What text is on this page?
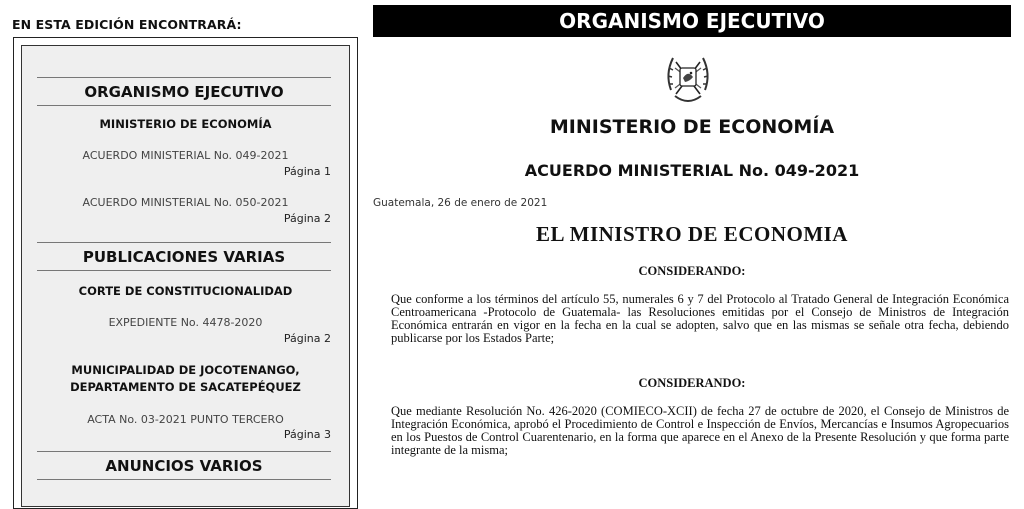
EN ESTA EDICIÓN ENCONTRARÁ:
ORGANISMO EJECUTIVO
MINISTERIO DE ECONOMÍA
ACUERDO MINISTERIAL No. 049-2021
Página 1
ACUERDO MINISTERIAL No. 050-2021
Página 2
PUBLICACIONES VARIAS
CORTE DE CONSTITUCIONALIDAD
EXPEDIENTE No. 4478-2020
Página 2
MUNICIPALIDAD DE JOCOTENANGO,
DEPARTAMENTO DE SACATEPÉQUEZ
ACTA No. 03-2021 PUNTO TERCERO
Página 3
ANUNCIOS VARIOS
ORGANISMO EJECUTIVO
MINISTERIO DE ECONOMÍA
ACUERDO MINISTERIAL No. 049-2021
Guatemala, 26 de enero de 2021
EL MINISTRO DE ECONOMIA
CONSIDERANDO:
Que conforme a los términos del artículo 55, numerales 6 y 7 del Protocolo al Tratado General de Integración Económica Centroamericana -Protocolo de Guatemala- las Resoluciones emitidas por el Consejo de Ministros de Integración Económica entrarán en vigor en la fecha en la cual se adopten, salvo que en las mismas se señale otra fecha, debiendo publicarse por los Estados Parte;
CONSIDERANDO:
Que mediante Resolución No. 426-2020 (COMIECO-XCII) de fecha 27 de octubre de 2020, el Consejo de Ministros de Integración Económica, aprobó el Procedimiento de Control e Inspección de Envíos, Mercancías e Insumos Agropecuarios en los Puestos de Control Cuarentenario, en la forma que aparece en el Anexo de la Presente Resolución y que forma parte integrante de la misma;
